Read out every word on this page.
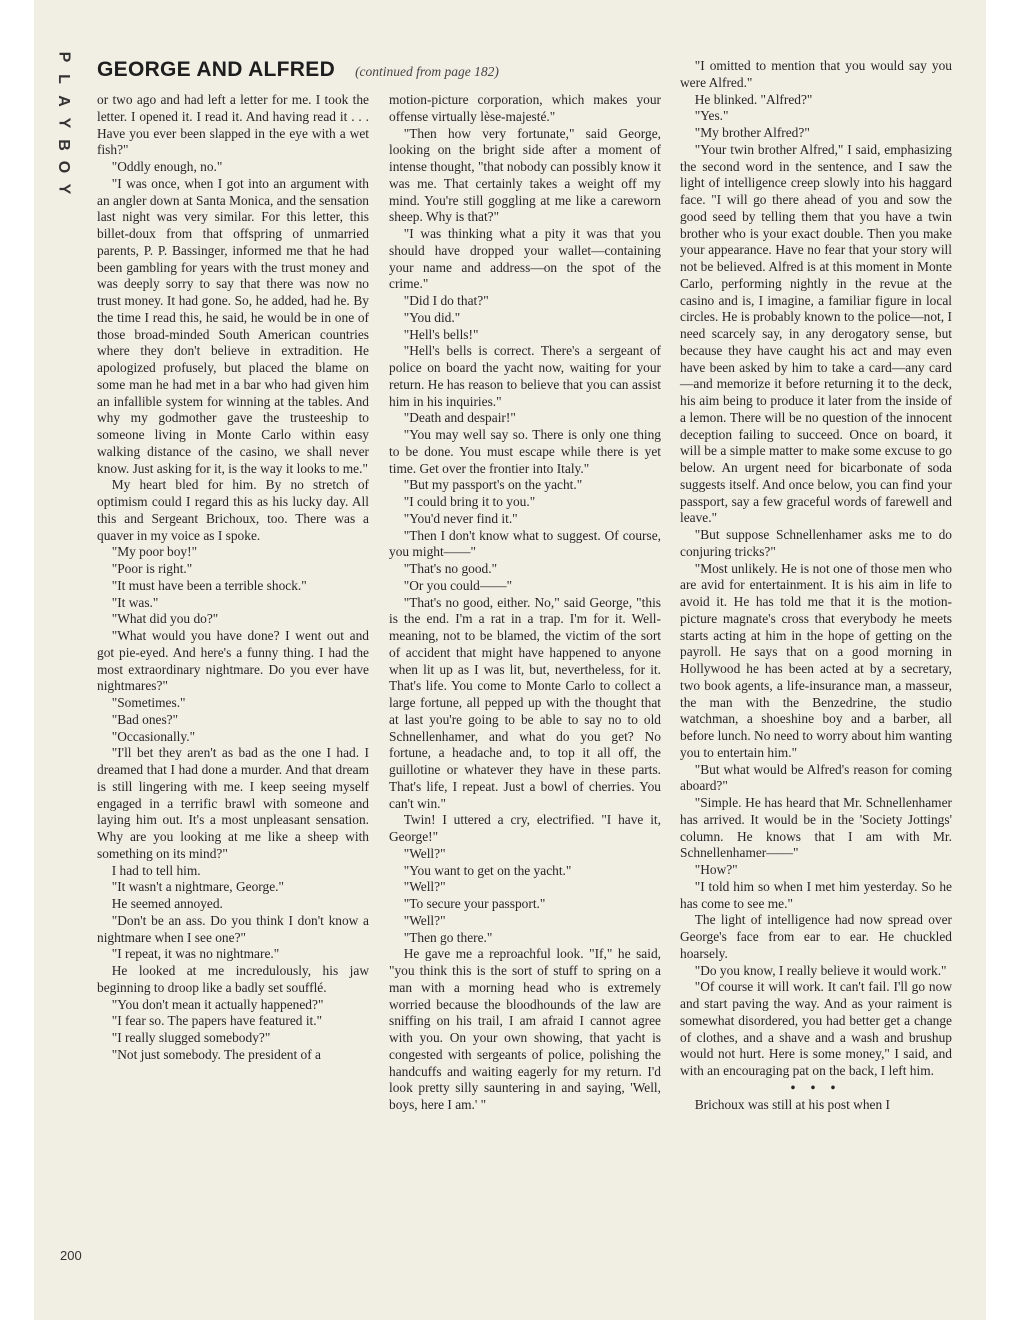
P
L
A
Y
B
O
Y
GEORGE AND ALFRED (continued from page 182)

or two ago and had left a letter for me. I took the letter. I opened it. I read it. And having read it . . . Have you ever been slapped in the eye with a wet fish?"

"Oddly enough, no."

"I was once, when I got into an argument with an angler down at Santa Monica, and the sensation last night was very similar. For this letter, this billet-doux from that offspring of unmarried parents, P. P. Bassinger, informed me that he had been gambling for years with the trust money and was deeply sorry to say that there was now no trust money. It had gone. So, he added, had he. By the time I read this, he said, he would be in one of those broad-minded South American countries where they don't believe in extradition. He apologized profusely, but placed the blame on some man he had met in a bar who had given him an infallible system for winning at the tables. And why my godmother gave the trusteeship to someone living in Monte Carlo within easy walking distance of the casino, we shall never know. Just asking for it, is the way it looks to me."

My heart bled for him. By no stretch of optimism could I regard this as his lucky day. All this and Sergeant Brichoux, too. There was a quaver in my voice as I spoke.

"My poor boy!"

"Poor is right."

"It must have been a terrible shock."

"It was."

"What did you do?"

"What would you have done? I went out and got pie-eyed. And here's a funny thing. I had the most extraordinary nightmare. Do you ever have nightmares?"

"Sometimes."

"Bad ones?"

"Occasionally."

"I'll bet they aren't as bad as the one I had. I dreamed that I had done a murder. And that dream is still lingering with me. I keep seeing myself engaged in a terrific brawl with someone and laying him out. It's a most unpleasant sensation. Why are you looking at me like a sheep with something on its mind?"

I had to tell him.

"It wasn't a nightmare, George."

He seemed annoyed.

"Don't be an ass. Do you think I don't know a nightmare when I see one?"

"I repeat, it was no nightmare."

He looked at me incredulously, his jaw beginning to droop like a badly set soufflé.

"You don't mean it actually happened?"

"I fear so. The papers have featured it."

"I really slugged somebody?"

"Not just somebody. The president of a

motion-picture corporation, which makes your offense virtually lèse-majesté."

"Then how very fortunate," said George, looking on the bright side after a moment of intense thought, "that nobody can possibly know it was me. That certainly takes a weight off my mind. You're still goggling at me like a careworn sheep. Why is that?"

"I was thinking what a pity it was that you should have dropped your wallet—containing your name and address—on the spot of the crime."

"Did I do that?"

"You did."

"Hell's bells!"

"Hell's bells is correct. There's a sergeant of police on board the yacht now, waiting for your return. He has reason to believe that you can assist him in his inquiries."

"Death and despair!"

"You may well say so. There is only one thing to be done. You must escape while there is yet time. Get over the frontier into Italy."

"But my passport's on the yacht."

"I could bring it to you."

"You'd never find it."

"Then I don't know what to suggest. Of course, you might——"

"That's no good."

"Or you could——"

"That's no good, either. No," said George, "this is the end. I'm a rat in a trap. I'm for it. Well-meaning, not to be blamed, the victim of the sort of accident that might have happened to anyone when lit up as I was lit, but, nevertheless, for it. That's life. You come to Monte Carlo to collect a large fortune, all pepped up with the thought that at last you're going to be able to say no to old Schnellenhamer, and what do you get? No fortune, a headache and, to top it all off, the guillotine or whatever they have in these parts. That's life, I repeat. Just a bowl of cherries. You can't win."

Twin! I uttered a cry, electrified. "I have it, George!"

"Well?"

"You want to get on the yacht."

"Well?"

"To secure your passport."

"Well?"

"Then go there."

He gave me a reproachful look. "If," he said, "you think this is the sort of stuff to spring on a man with a morning head who is extremely worried because the bloodhounds of the law are sniffing on his trail, I am afraid I cannot agree with you. On your own showing, that yacht is congested with sergeants of police, polishing the handcuffs and waiting eagerly for my return. I'd look pretty silly sauntering in and saying, 'Well, boys, here I am.' "

"I omitted to mention that you would say you were Alfred."

He blinked. "Alfred?"

"Yes."

"My brother Alfred?"

"Your twin brother Alfred," I said, emphasizing the second word in the sentence, and I saw the light of intelligence creep slowly into his haggard face. "I will go there ahead of you and sow the good seed by telling them that you have a twin brother who is your exact double. Then you make your appearance. Have no fear that your story will not be believed. Alfred is at this moment in Monte Carlo, performing nightly in the revue at the casino and is, I imagine, a familiar figure in local circles. He is probably known to the police—not, I need scarcely say, in any derogatory sense, but because they have caught his act and may even have been asked by him to take a card—any card—and memorize it before returning it to the deck, his aim being to produce it later from the inside of a lemon. There will be no question of the innocent deception failing to succeed. Once on board, it will be a simple matter to make some excuse to go below. An urgent need for bicarbonate of soda suggests itself. And once below, you can find your passport, say a few graceful words of farewell and leave."

"But suppose Schnellenhamer asks me to do conjuring tricks?"

"Most unlikely. He is not one of those men who are avid for entertainment. It is his aim in life to avoid it. He has told me that it is the motion-picture magnate's cross that everybody he meets starts acting at him in the hope of getting on the payroll. He says that on a good morning in Hollywood he has been acted at by a secretary, two book agents, a life-insurance man, a masseur, the man with the Benzedrine, the studio watchman, a shoeshine boy and a barber, all before lunch. No need to worry about him wanting you to entertain him."

"But what would be Alfred's reason for coming aboard?"

"Simple. He has heard that Mr. Schnellenhamer has arrived. It would be in the 'Society Jottings' column. He knows that I am with Mr. Schnellenhamer——"

"How?"

"I told him so when I met him yesterday. So he has come to see me."

The light of intelligence had now spread over George's face from ear to ear. He chuckled hoarsely.

"Do you know, I really believe it would work."

"Of course it will work. It can't fail. I'll go now and start paving the way. And as your raiment is somewhat disordered, you had better get a change of clothes, and a shave and a wash and brushup would not hurt. Here is some money," I said, and with an encouraging pat on the back, I left him.

• • •

Brichoux was still at his post when I

200
